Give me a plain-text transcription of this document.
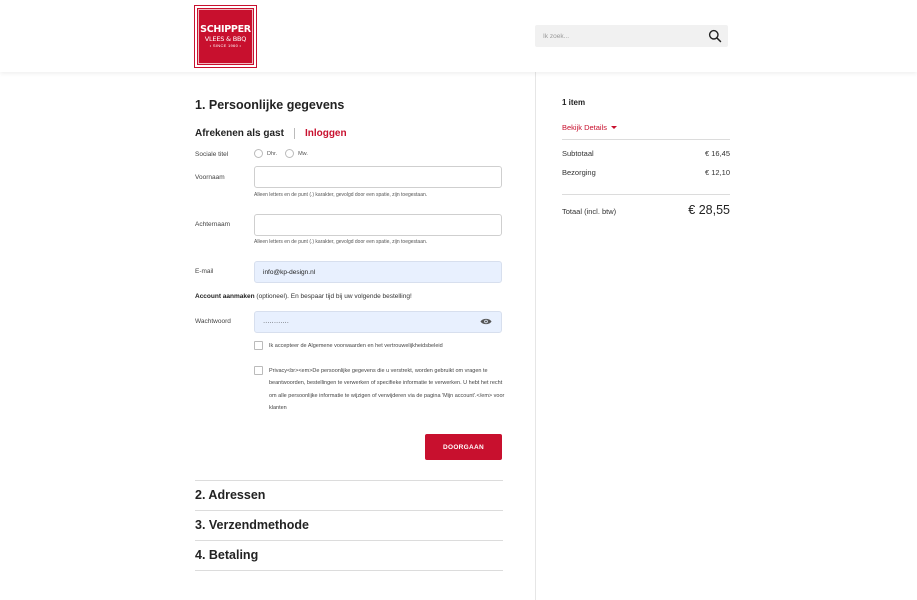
SCHIPPER
VLEES & BBQ
• SINCE 1960 •
Ik zoek...
1. Persoonlijke gegevens
Afrekenen als gast Inloggen
Sociale titel	Dhr.	Mw.
Voornaam
Alleen letters en de punt (.) karakter, gevolgd door een spatie, zijn toegestaan.
Achternaam
Alleen letters en de punt (.) karakter, gevolgd door een spatie, zijn toegestaan.
E-mail
info@kp-design.nl
Account aanmaken (optioneel). En bespaar tijd bij uw volgende bestelling!
Wachtwoord
············
Ik accepteer de Algemene voorwaarden en het vertrouwelijkheidsbeleid
Privacy<br><em>De persoonlijke gegevens die u verstrekt, worden gebruikt om vragen te beantwoorden, bestellingen te verwerken of specifieke informatie te verwerken. U hebt het recht om alle persoonlijke informatie te wijzigen of verwijderen via de pagina 'Mijn account'.</em> voor klanten
DOORGAAN
2. Adressen
3. Verzendmethode
4. Betaling
1 item
Bekijk Details
Subtotaal	€ 16,45
Bezorging	€ 12,10
Totaal (incl. btw)	€ 28,55
